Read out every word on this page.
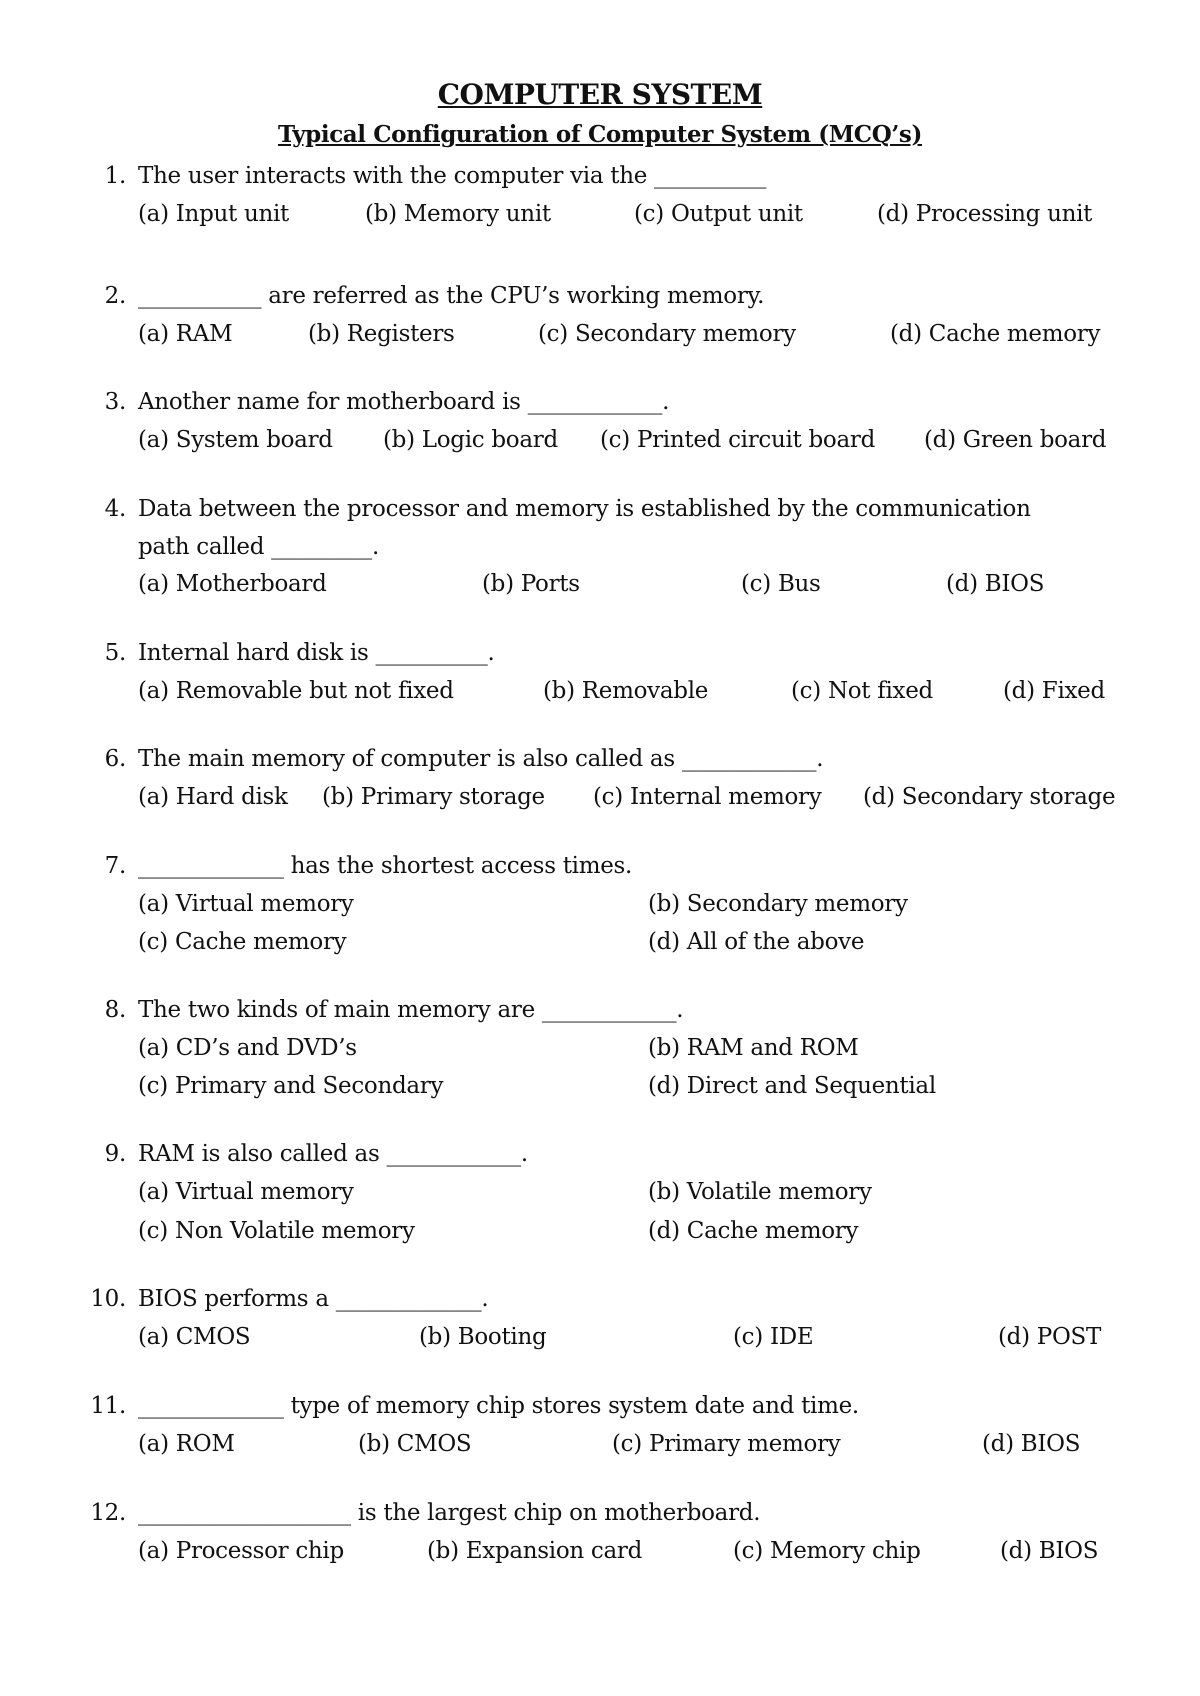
COMPUTER SYSTEM
Typical Configuration of Computer System (MCQ’s)
1. The user interacts with the computer via the __________
(a) Input unit	(b) Memory unit	(c) Output unit	(d) Processing unit
2. ___________ are referred as the CPU’s working memory.
(a) RAM	(b) Registers	(c) Secondary memory	(d) Cache memory
3. Another name for motherboard is ____________.
(a) System board (b) Logic board (c) Printed circuit board (d) Green board
4. Data between the processor and memory is established by the communication
path called _________.
(a) Motherboard	(b) Ports	(c) Bus	(d) BIOS
5. Internal hard disk is __________.
(a) Removable but not fixed	(b) Removable	(c) Not fixed	(d) Fixed
6. The main memory of computer is also called as ____________.
(a) Hard disk (b) Primary storage (c) Internal memory (d) Secondary storage
7. _____________ has the shortest access times.
(a) Virtual memory	(b) Secondary memory
(c) Cache memory	(d) All of the above
8. The two kinds of main memory are ____________.
(a) CD’s and DVD’s	(b) RAM and ROM
(c) Primary and Secondary	(d) Direct and Sequential
9. RAM is also called as ____________.
(a) Virtual memory	(b) Volatile memory
(c) Non Volatile memory	(d) Cache memory
10. BIOS performs a _____________.
(a) CMOS	(b) Booting	(c) IDE	(d) POST
11. _____________ type of memory chip stores system date and time.
(a) ROM	(b) CMOS	(c) Primary memory	(d) BIOS
12. ___________________ is the largest chip on motherboard.
(a) Processor chip	(b) Expansion card	(c) Memory chip	(d) BIOS
